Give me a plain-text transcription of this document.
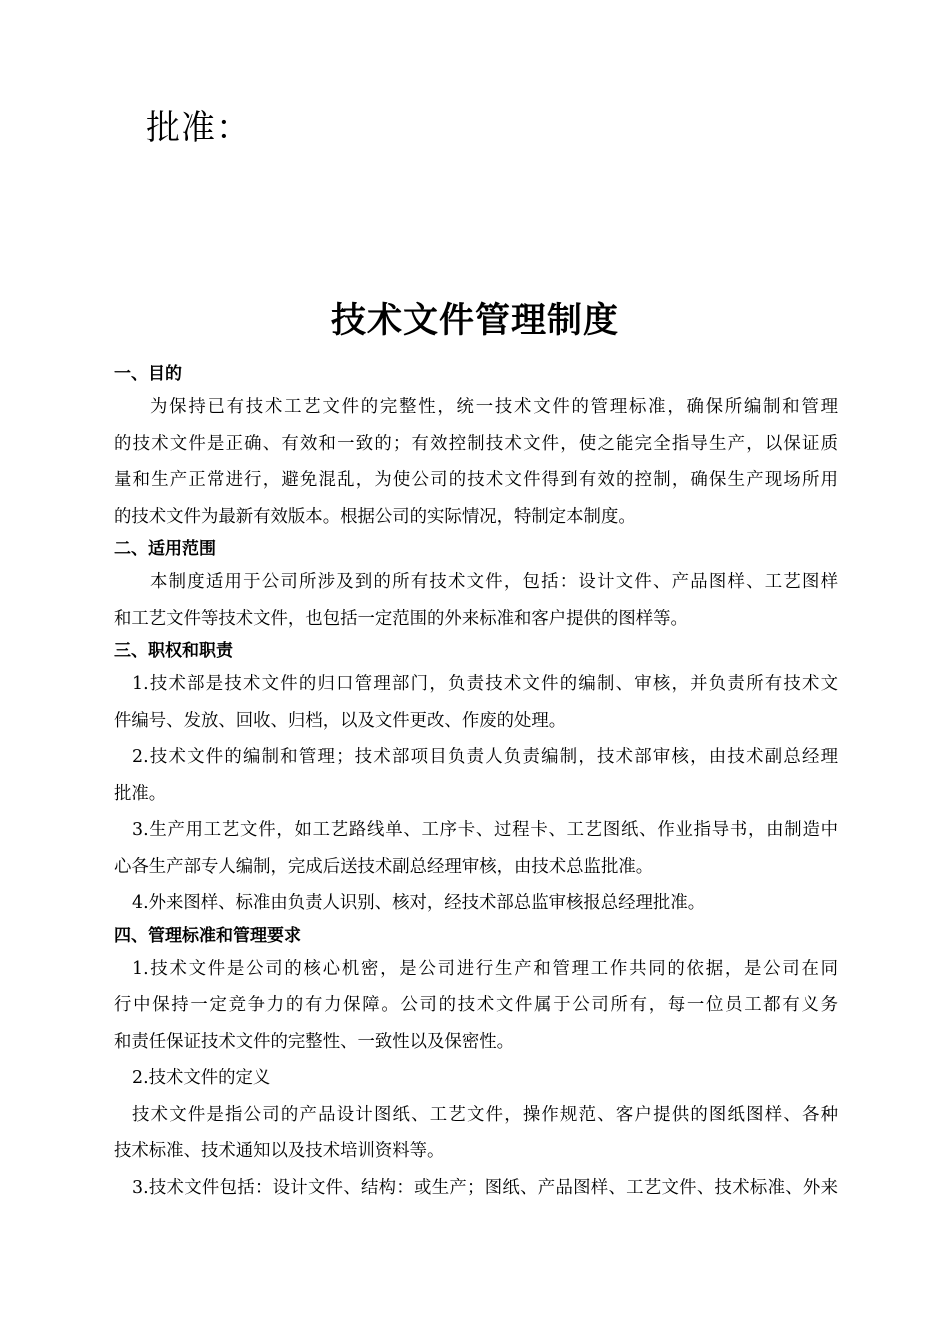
批准：
技术文件管理制度
一、目的
为保持已有技术工艺文件的完整性，统一技术文件的管理标准，确保所编制和管理
的技术文件是正确、有效和一致的；有效控制技术文件，使之能完全指导生产，以保证质
量和生产正常进行，避免混乱，为使公司的技术文件得到有效的控制，确保生产现场所用
的技术文件为最新有效版本。根据公司的实际情况，特制定本制度。
二、适用范围
本制度适用于公司所涉及到的所有技术文件，包括：设计文件、产品图样、工艺图样
和工艺文件等技术文件，也包括一定范围的外来标准和客户提供的图样等。
三、职权和职责
1.技术部是技术文件的归口管理部门，负责技术文件的编制、审核，并负责所有技术文
件编号、发放、回收、归档，以及文件更改、作废的处理。
2.技术文件的编制和管理；技术部项目负责人负责编制，技术部审核，由技术副总经理
批准。
3.生产用工艺文件，如工艺路线单、工序卡、过程卡、工艺图纸、作业指导书，由制造中
心各生产部专人编制，完成后送技术副总经理审核，由技术总监批准。
4.外来图样、标准由负责人识别、核对，经技术部总监审核报总经理批准。
四、管理标准和管理要求
1.技术文件是公司的核心机密，是公司进行生产和管理工作共同的依据，是公司在同
行中保持一定竞争力的有力保障。公司的技术文件属于公司所有，每一位员工都有义务
和责任保证技术文件的完整性、一致性以及保密性。
2.技术文件的定义
技术文件是指公司的产品设计图纸、工艺文件，操作规范、客户提供的图纸图样、各种
技术标准、技术通知以及技术培训资料等。
3.技术文件包括：设计文件、结构：或生产；图纸、产品图样、工艺文件、技术标准、外来
